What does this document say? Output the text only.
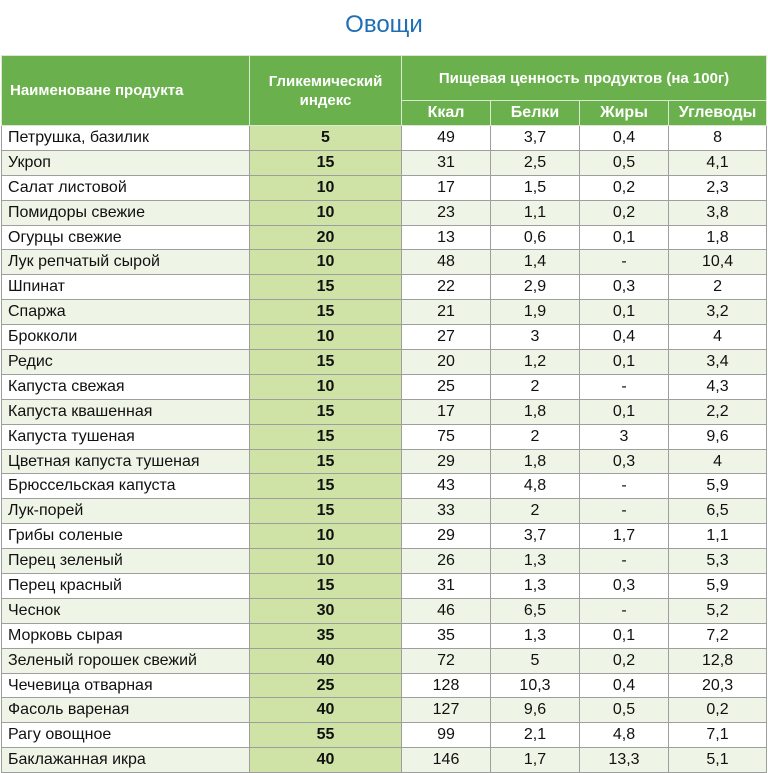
Овощи
Наименоване продукта	Гликемический индекс	Пищевая ценность продуктов (на 100г)			
		Ккал	Белки	Жиры	Углеводы
Петрушка, базилик	5	49	3,7	0,4	8
Укроп	15	31	2,5	0,5	4,1
Салат листовой	10	17	1,5	0,2	2,3
Помидоры свежие	10	23	1,1	0,2	3,8
Огурцы свежие	20	13	0,6	0,1	1,8
Лук репчатый сырой	10	48	1,4	-	10,4
Шпинат	15	22	2,9	0,3	2
Спаржа	15	21	1,9	0,1	3,2
Брокколи	10	27	3	0,4	4
Редис	15	20	1,2	0,1	3,4
Капуста свежая	10	25	2	-	4,3
Капуста квашенная	15	17	1,8	0,1	2,2
Капуста тушеная	15	75	2	3	9,6
Цветная капуста тушеная	15	29	1,8	0,3	4
Брюссельская капуста	15	43	4,8	-	5,9
Лук-порей	15	33	2	-	6,5
Грибы соленые	10	29	3,7	1,7	1,1
Перец зеленый	10	26	1,3	-	5,3
Перец красный	15	31	1,3	0,3	5,9
Чеснок	30	46	6,5	-	5,2
Морковь сырая	35	35	1,3	0,1	7,2
Зеленый горошек свежий	40	72	5	0,2	12,8
Чечевица отварная	25	128	10,3	0,4	20,3
Фасоль вареная	40	127	9,6	0,5	0,2
Рагу овощное	55	99	2,1	4,8	7,1
Баклажанная икра	40	146	1,7	13,3	5,1
